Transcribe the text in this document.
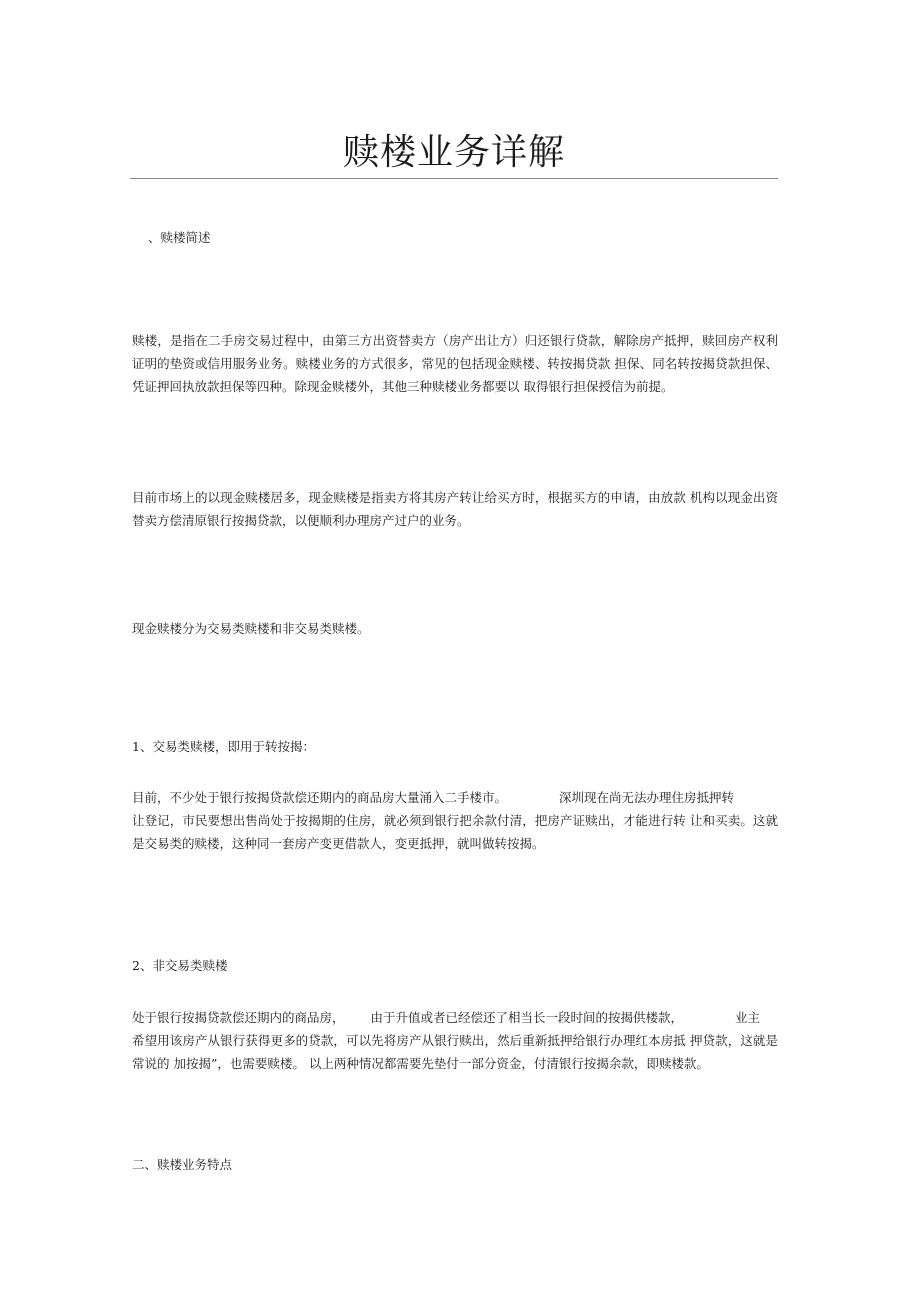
赎楼业务详解

、赎楼简述

赎楼，是指在二手房交易过程中，由第三方出资替卖方（房产出让方）归还银行贷款，解除房产抵押，赎回房产权利证明的垫资或信用服务业务。赎楼业务的方式很多，常见的包括现金赎楼、转按揭贷款 担保、同名转按揭贷款担保、凭证押回执放款担保等四种。除现金赎楼外，其他三种赎楼业务都要以 取得银行担保授信为前提。

目前市场上的以现金赎楼居多，现金赎楼是指卖方将其房产转让给买方时，根据买方的申请，由放款 机构以现金出资替卖方偿清原银行按揭贷款，以便顺利办理房产过户的业务。

现金赎楼分为交易类赎楼和非交易类赎楼。

1、交易类赎楼，即用于转按揭：

目前，不少处于银行按揭贷款偿还期内的商品房大量涌入二手楼市。	深圳现在尚无法办理住房抵押转
让登记，市民要想出售尚处于按揭期的住房，就必须到银行把余款付清，把房产证赎出，才能进行转 让和买卖。这就是交易类的赎楼，这种同一套房产变更借款人，变更抵押，就叫做转按揭。

2、非交易类赎楼

处于银行按揭贷款偿还期内的商品房， 由于升值或者已经偿还了相当长一段时间的按揭供楼款，	业主
希望用该房产从银行获得更多的贷款，可以先将房产从银行赎出，然后重新抵押给银行办理红本房抵 押贷款，这就是常说的 加按揭”，也需要赎楼。 以上两种情况都需要先垫付一部分资金，付清银行按揭余款，即赎楼款。

二、赎楼业务特点
